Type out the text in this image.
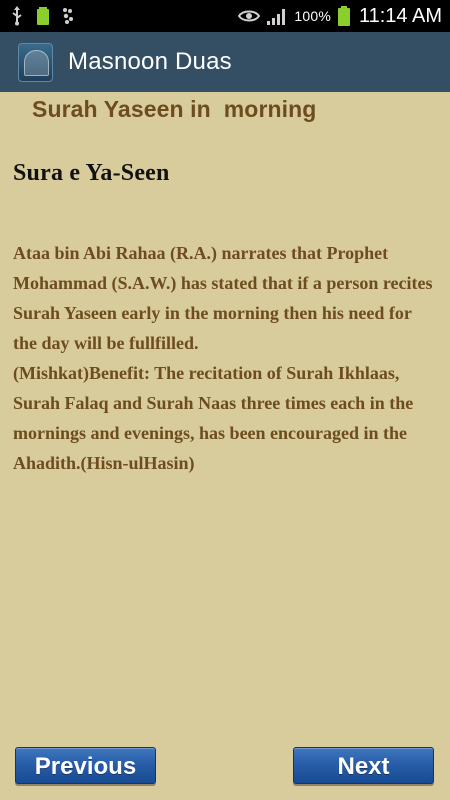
100% 11:14 AM
Masnoon Duas
Surah Yaseen in  morning
Sura e Ya-Seen
Ataa bin Abi Rahaa (R.A.) narrates that Prophet Mohammad (S.A.W.) has stated that if a person recites Surah Yaseen early in the morning then his need for the day will be fullfilled.
(Mishkat)Benefit: The recitation of Surah Ikhlaas, Surah Falaq and Surah Naas three times each in the mornings and evenings, has been encouraged in the Ahadith.(Hisn-ulHasin)
Previous	Next
